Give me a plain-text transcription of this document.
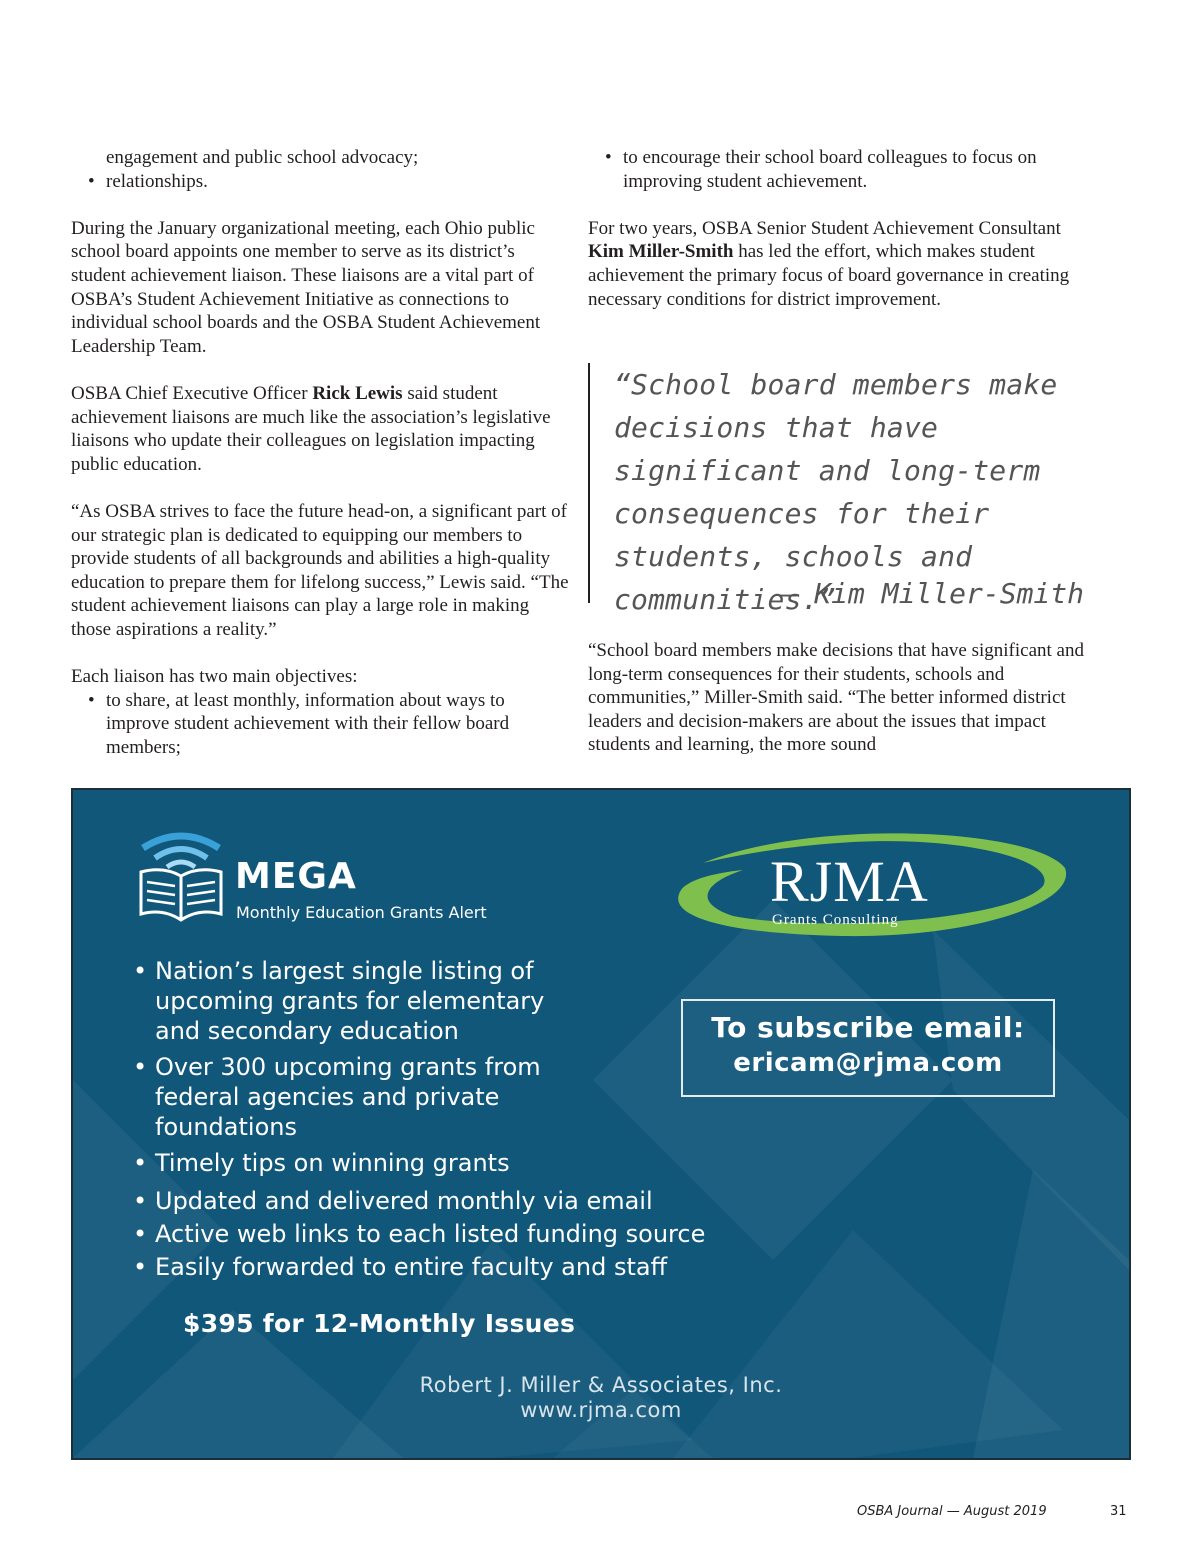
engagement and public school advocacy;
• relationships.

During the January organizational meeting, each Ohio public school board appoints one member to serve as its district’s student achievement liaison. These liaisons are a vital part of OSBA’s Student Achievement Initiative as connections to individual school boards and the OSBA Student Achievement Leadership Team.

OSBA Chief Executive Officer Rick Lewis said student achievement liaisons are much like the association’s legislative liaisons who update their colleagues on legislation impacting public education.

“As OSBA strives to face the future head-on, a significant part of our strategic plan is dedicated to equipping our members to provide students of all backgrounds and abilities a high-quality education to prepare them for lifelong success,” Lewis said. “The student achievement liaisons can play a large role in making those aspirations a reality.”

Each liaison has two main objectives:
• to share, at least monthly, information about ways to improve student achievement with their fellow board members;
• to encourage their school board colleagues to focus on improving student achievement.

For two years, OSBA Senior Student Achievement Consultant Kim Miller-Smith has led the effort, which makes student achievement the primary focus of board governance in creating necessary conditions for district improvement.

“School board members make decisions that have significant and long-term consequences for their students, schools and communities,” Miller-Smith said. “The better informed district leaders and decision-makers are about the issues that impact students and learning, the more sound

“School board members make decisions that have significant and long-term consequences for their students, schools and communities.”
— Kim Miller-Smith
MEGA
Monthly Education Grants Alert	RJMA
Grants Consulting
• Nation’s largest single listing of upcoming grants for elementary and secondary education
• Over 300 upcoming grants from federal agencies and private foundations
• Timely tips on winning grants
• Updated and delivered monthly via email
• Active web links to each listed funding source
• Easily forwarded to entire faculty and staff
To subscribe email:
ericam@rjma.com
$395 for 12-Monthly Issues
Robert J. Miller & Associates, Inc.
www.rjma.com
OSBA Journal — August 2019	31
